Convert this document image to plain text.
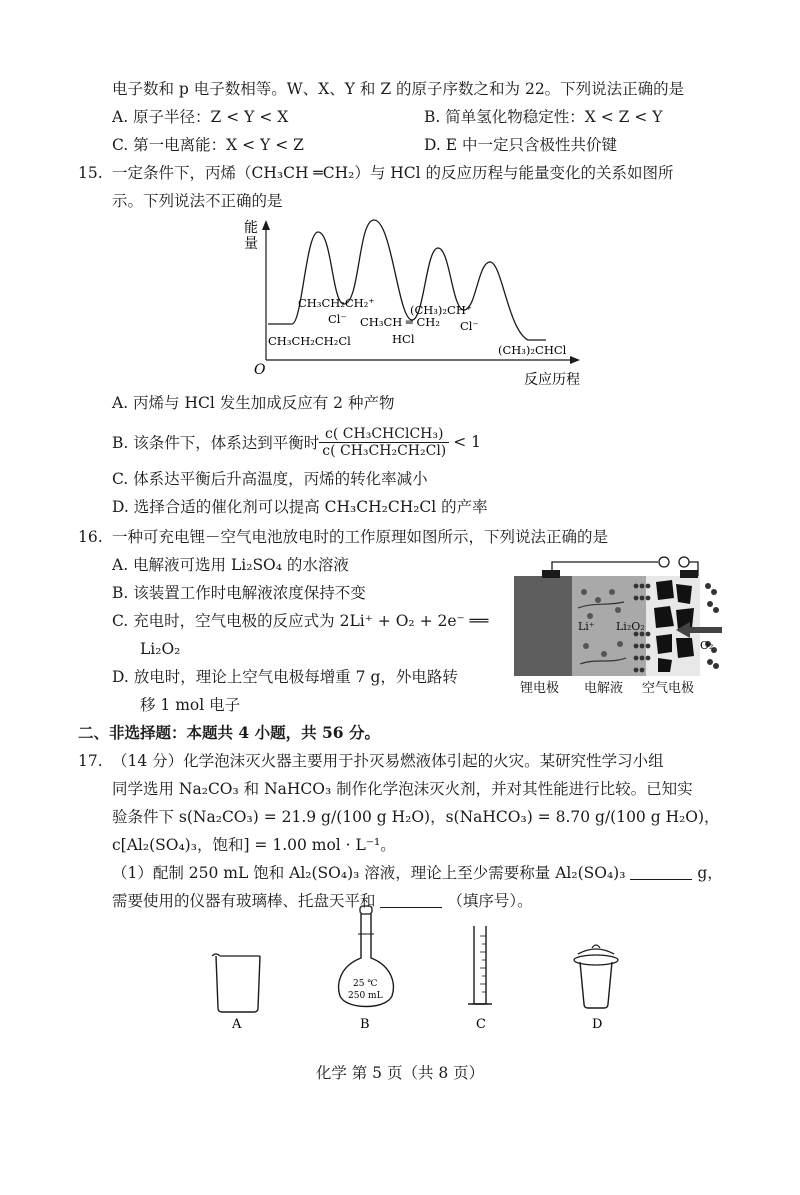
电子数和 p 电子数相等。W、X、Y 和 Z 的原子序数之和为 22。下列说法正确的是
A. 原子半径：Z < Y < X	B. 简单氢化物稳定性：X < Z < Y
C. 第一电离能：X < Y < Z	D. E 中一定只含极性共价键
15. 一定条件下，丙烯（CH₃CH ═CH₂）与 HCl 的反应历程与能量变化的关系如图所
示。下列说法不正确的是
能
量
O
反应历程
CH₃CH₂CH₂⁺
Cl⁻
(CH₃)₂CH⁺
Cl⁻
CH₃CH ═ CH₂
HCl
CH₃CH₂CH₂Cl
(CH₃)₂CHCl
A. 丙烯与 HCl 发生加成反应有 2 种产物
B. 该条件下，体系达到平衡时 $\frac{\text{c( CH₃CHClCH₃)}}{\text{c( CH₃CH₂CH₂Cl)}} < 1$
C. 体系达平衡后升高温度，丙烯的转化率减小
D. 选择合适的催化剂可以提高 CH₃CH₂CH₂Cl 的产率
16. 一种可充电锂－空气电池放电时的工作原理如图所示，下列说法正确的是
A. 电解液可选用 Li₂SO₄ 的水溶液
B. 该装置工作时电解液浓度保持不变
C. 充电时，空气电极的反应式为 2Li⁺ + O₂ + 2e⁻ ══
Li₂O₂
D. 放电时，理论上空气电极每增重 7 g，外电路转
移 1 mol 电子
Li⁺ Li₂O₂
O₂
锂电极 电解液 空气电极
二、非选择题：本题共 4 小题，共 56 分。
17. （14 分）化学泡沫灭火器主要用于扑灭易燃液体引起的火灾。某研究性学习小组
同学选用 Na₂CO₃ 和 NaHCO₃ 制作化学泡沫灭火剂，并对其性能进行比较。已知实
验条件下 s(Na₂CO₃) = 21.9 g/(100 g H₂O)，s(NaHCO₃) = 8.70 g/(100 g H₂O)，
c[Al₂(SO₄)₃，饱和] = 1.00 mol · L⁻¹。
（1）配制 250 mL 饱和 Al₂(SO₄)₃ 溶液，理论上至少需要称量 Al₂(SO₄)₃	g，
需要使用的仪器有玻璃棒、托盘天平和	（填序号）。
A
25 ℃
250 mL
B	C	D
化学 第 5 页（共 8 页）
